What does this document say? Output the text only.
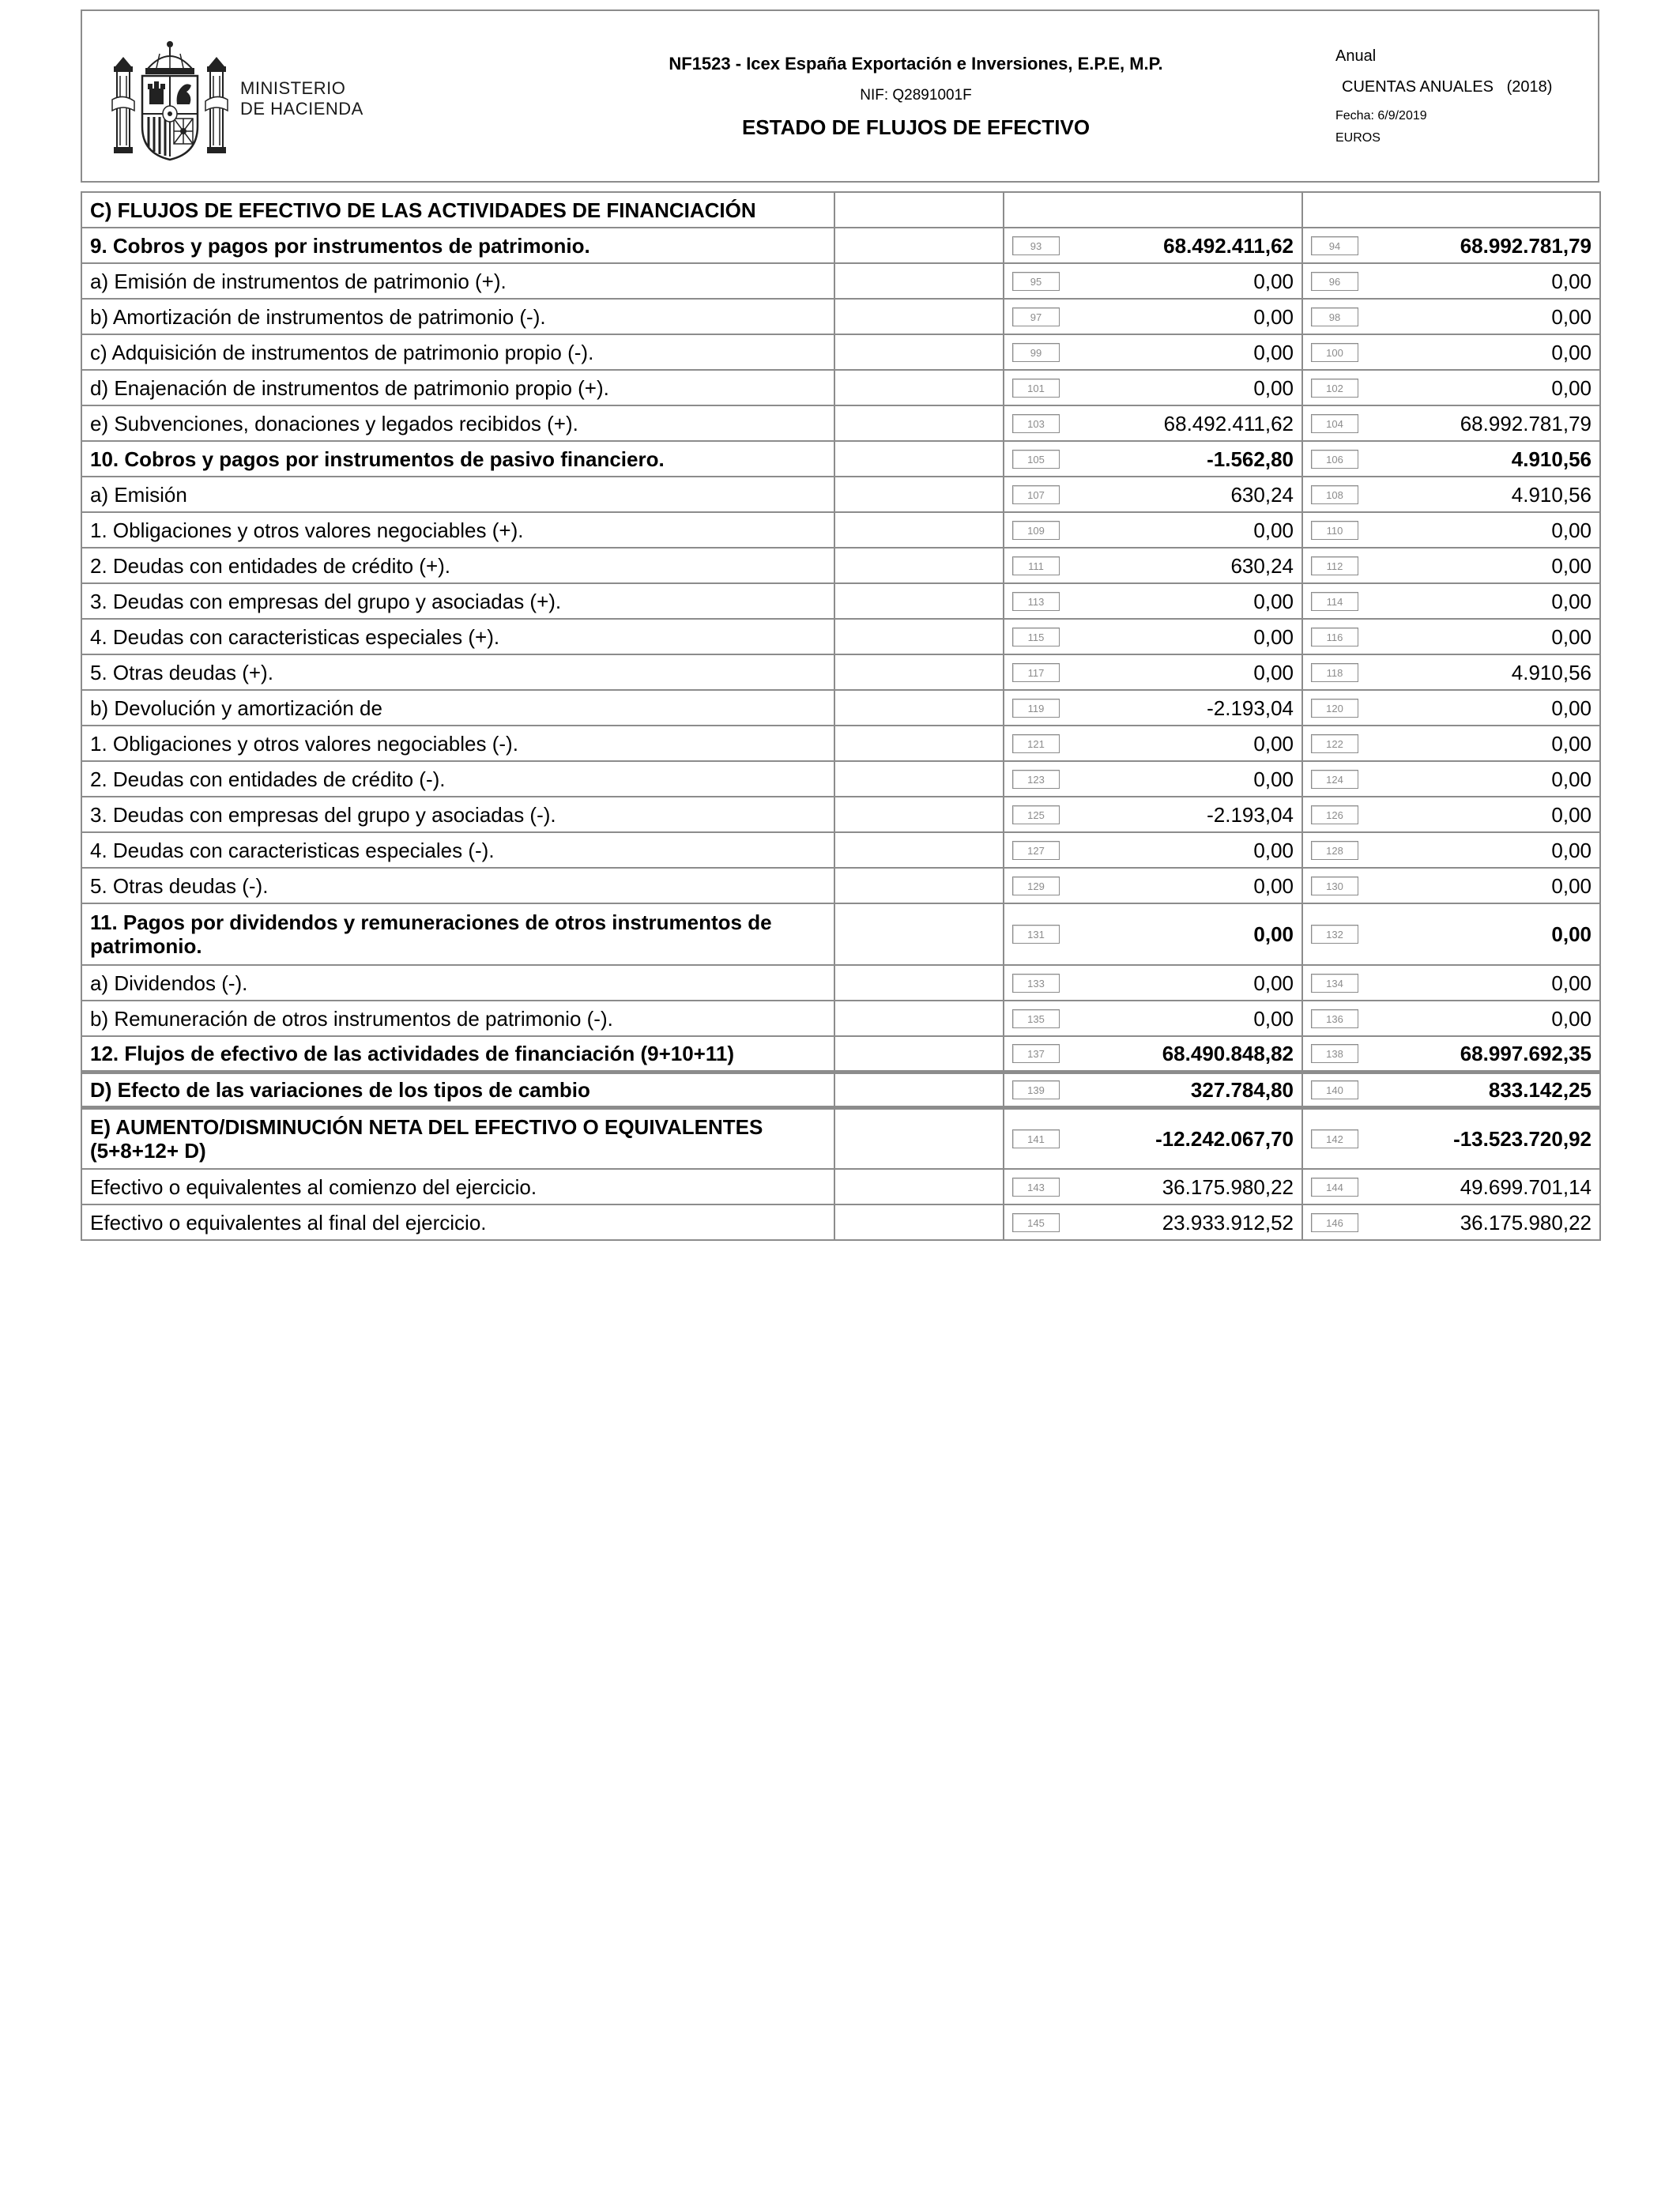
MINISTERIO
DE HACIENDA
NF1523 - Icex España Exportación e Inversiones, E.P.E, M.P.
NIF: Q2891001F
ESTADO DE FLUJOS DE EFECTIVO
Anual
CUENTAS ANUALES   (2018)
Fecha: 6/9/2019
EUROS
C) FLUJOS DE EFECTIVO DE LAS ACTIVIDADES DE FINANCIACIÓN			
9. Cobros y pagos por instrumentos de patrimonio.		93 68.492.411,62	94 68.992.781,79
a) Emisión de instrumentos de patrimonio (+).		95 0,00	96 0,00
b) Amortización de instrumentos de patrimonio (-).		97 0,00	98 0,00
c) Adquisición de instrumentos de patrimonio propio (-).		99 0,00	100 0,00
d) Enajenación de instrumentos de patrimonio propio (+).		101 0,00	102 0,00
e) Subvenciones, donaciones y legados recibidos (+).		103 68.492.411,62	104 68.992.781,79
10. Cobros y pagos por instrumentos de pasivo financiero.		105 -1.562,80	106 4.910,56
a) Emisión		107 630,24	108 4.910,56
1. Obligaciones y otros valores negociables (+).		109 0,00	110 0,00
2. Deudas con entidades de crédito (+).		111 630,24	112 0,00
3. Deudas con empresas del grupo y asociadas (+).		113 0,00	114 0,00
4. Deudas con caracteristicas especiales (+).		115 0,00	116 0,00
5. Otras deudas (+).		117 0,00	118 4.910,56
b) Devolución y amortización de		119 -2.193,04	120 0,00
1. Obligaciones y otros valores negociables (-).		121 0,00	122 0,00
2. Deudas con entidades de crédito (-).		123 0,00	124 0,00
3. Deudas con empresas del grupo y asociadas (-).		125 -2.193,04	126 0,00
4. Deudas con caracteristicas especiales (-).		127 0,00	128 0,00
5. Otras deudas (-).		129 0,00	130 0,00
11. Pagos por dividendos y remuneraciones de otros instrumentos de patrimonio.		131 0,00	132 0,00
a) Dividendos (-).		133 0,00	134 0,00
b) Remuneración de otros instrumentos de patrimonio (-).		135 0,00	136 0,00
12. Flujos de efectivo de las actividades de financiación (9+10+11)		137 68.490.848,82	138 68.997.692,35
D) Efecto de las variaciones de los tipos de cambio		139 327.784,80	140 833.142,25
E) AUMENTO/DISMINUCIÓN NETA DEL EFECTIVO O EQUIVALENTES (5+8+12+ D)		141 -12.242.067,70	142 -13.523.720,92
Efectivo o equivalentes al comienzo del ejercicio.		143 36.175.980,22	144 49.699.701,14
Efectivo o equivalentes al final del ejercicio.		145 23.933.912,52	146 36.175.980,22
